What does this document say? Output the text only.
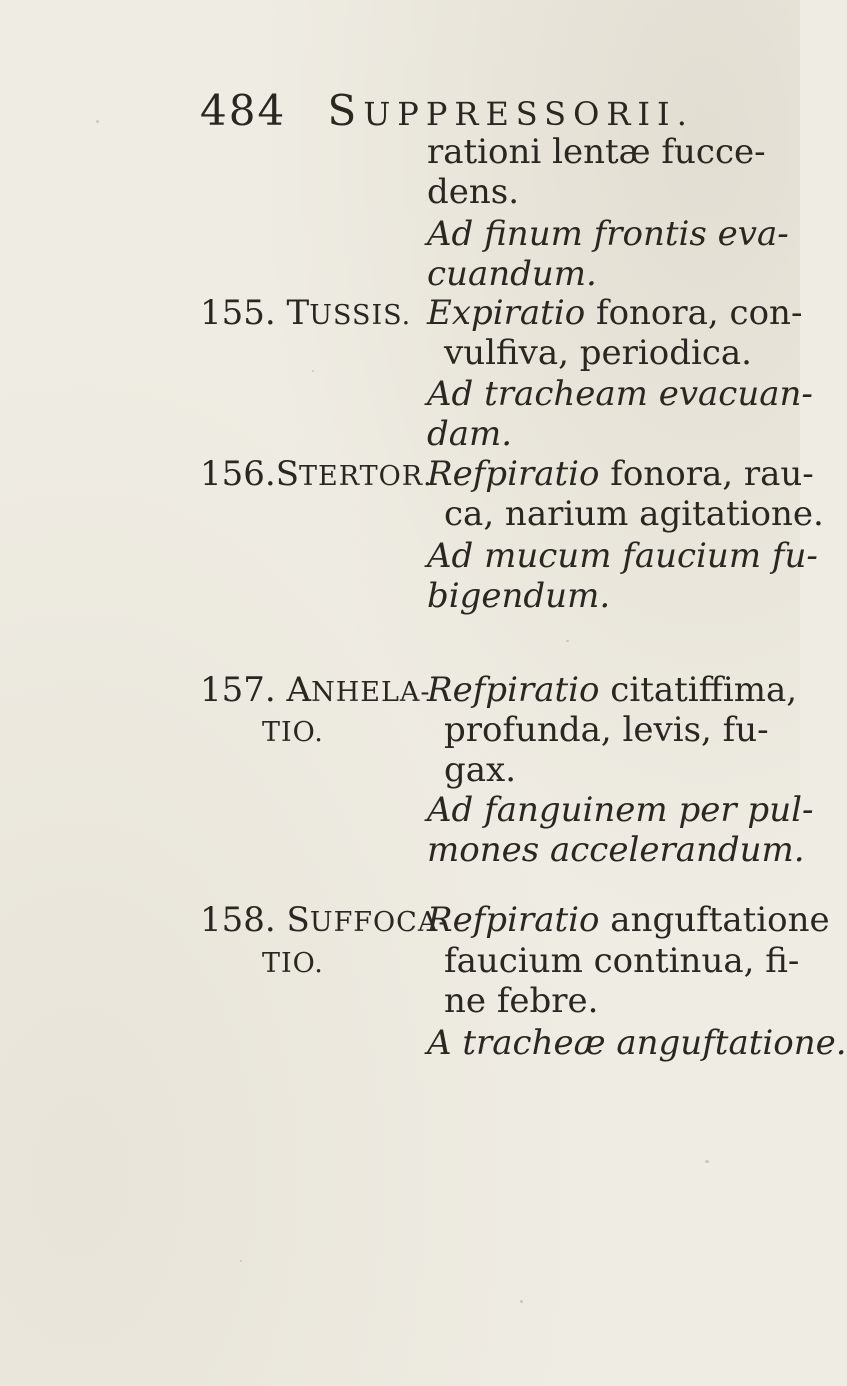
484 SUPPRESSORII.
rationi lentæ fucce-
dens.
Ad finum frontis eva-
cuandum.
155. TUSSIS. Expiratio fonora, con-
vulfiva, periodica.
Ad tracheam evacuan-
dam.
156.STERTOR.
Refpiratio fonora, rau-
ca, narium agitatione.
Ad mucum faucium fu-
bigendum.
157. ANHELA-
TIO.
Refpiratio citatiffima,
profunda, levis, fu-
gax.
Ad fanguinem per pul-
mones accelerandum.
158. SUFFOCA-
TIO.
Refpiratio anguftatione
faucium continua, fi-
ne febre.
A tracheæ anguftatione.
